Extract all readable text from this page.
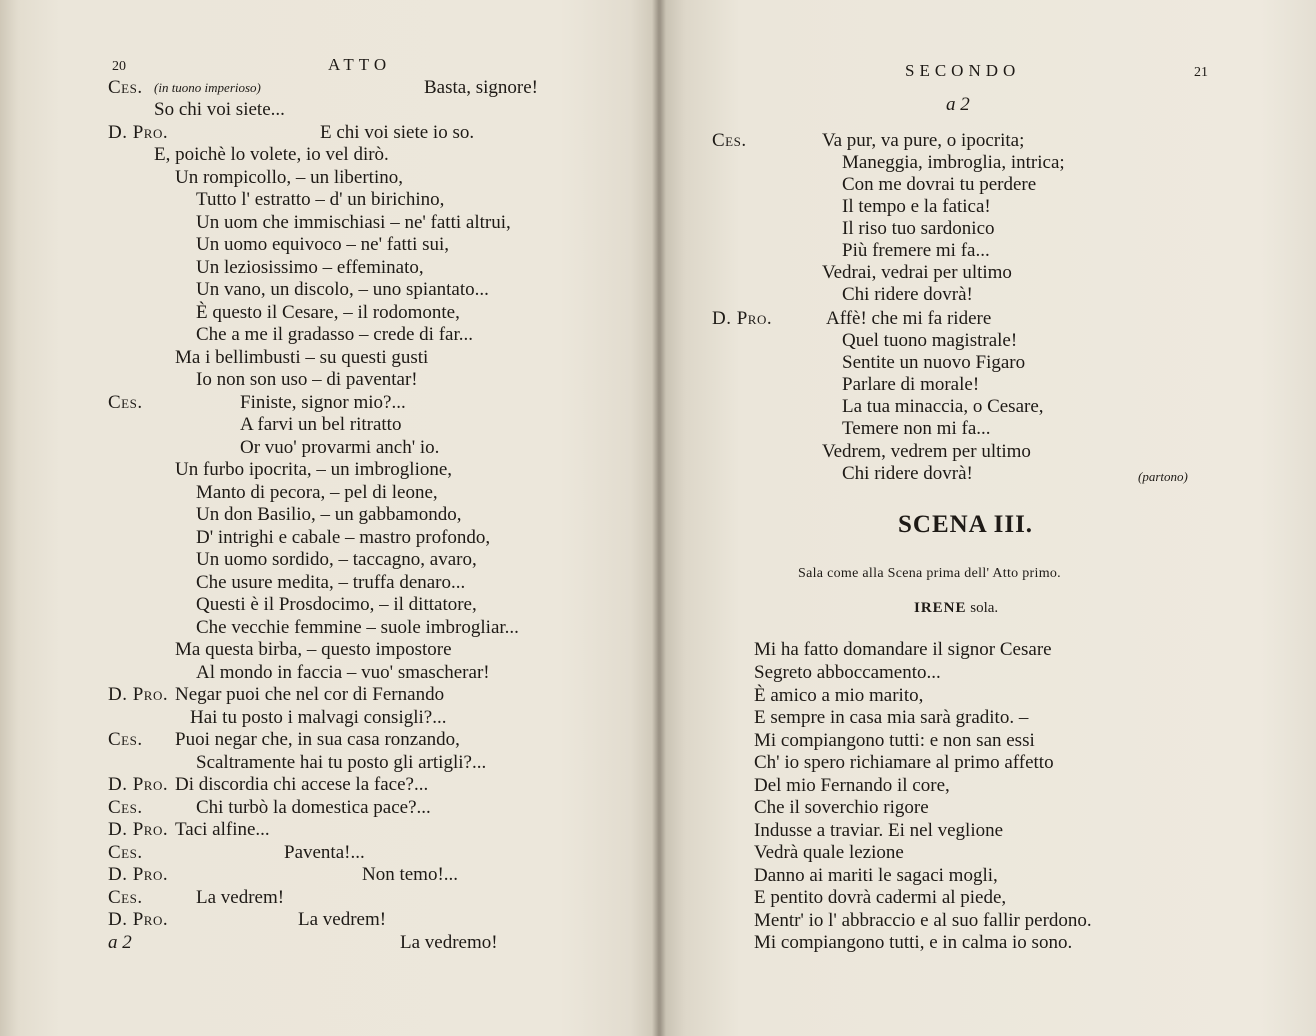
20	ATTO
Ces. (in tuono imperioso)	Basta, signore!
So chi voi siete...
D. Pro.	E chi voi siete io so.
E, poichè lo volete, io vel dirò.
Un rompicollo, – un libertino,
Tutto l' estratto – d' un birichino,
Un uom che immischiasi – ne' fatti altrui,
Un uomo equivoco – ne' fatti sui,
Un leziosissimo – effeminato,
Un vano, un discolo, – uno spiantato...
È questo il Cesare, – il rodomonte,
Che a me il gradasso – crede di far...
Ma i bellimbusti – su questi gusti
Io non son uso – di paventar!
Ces.	Finiste, signor mio?...
A farvi un bel ritratto
Or vuo' provarmi anch' io.
Un furbo ipocrita, – un imbroglione,
Manto di pecora, – pel di leone,
Un don Basilio, – un gabbamondo,
D' intrighi e cabale – mastro profondo,
Un uomo sordido, – taccagno, avaro,
Che usure medita, – truffa denaro...
Questi è il Prosdocimo, – il dittatore,
Che vecchie femmine – suole imbrogliar...
Ma questa birba, – questo impostore
Al mondo in faccia – vuo' smascherar!
D. Pro. Negar puoi che nel cor di Fernando
Hai tu posto i malvagi consigli?...
Ces. Puoi negar che, in sua casa ronzando,
Scaltramente hai tu posto gli artigli?...
D. Pro. Di discordia chi accese la face?...
Ces.	Chi turbò la domestica pace?...
D. Pro. Taci alfine...
Ces.	Paventa!...
D. Pro.	Non temo!...
Ces.	La vedrem!
D. Pro.	La vedrem!
a 2	La vedremo!
SECONDO	21
a 2
Ces.	Va pur, va pure, o ipocrita;
Maneggia, imbroglia, intrica;
Con me dovrai tu perdere
Il tempo e la fatica!
Il riso tuo sardonico
Più fremere mi fa...
Vedrai, vedrai per ultimo
Chi ridere dovrà!
D. Pro.	Affè! che mi fa ridere
Quel tuono magistrale!
Sentite un nuovo Figaro
Parlare di morale!
La tua minaccia, o Cesare,
Temere non mi fa...
Vedrem, vedrem per ultimo
Chi ridere dovrà!	(partono)
SCENA III.
Sala come alla Scena prima dell' Atto primo.
IRENE sola.
Mi ha fatto domandare il signor Cesare
Segreto abboccamento...
È amico a mio marito,
E sempre in casa mia sarà gradito. –
Mi compiangono tutti: e non san essi
Ch' io spero richiamare al primo affetto
Del mio Fernando il core,
Che il soverchio rigore
Indusse a traviar. Ei nel veglione
Vedrà quale lezione
Danno ai mariti le sagaci mogli,
E pentito dovrà cadermi al piede,
Mentr' io l' abbraccio e al suo fallir perdono.
Mi compiangono tutti, e in calma io sono.
